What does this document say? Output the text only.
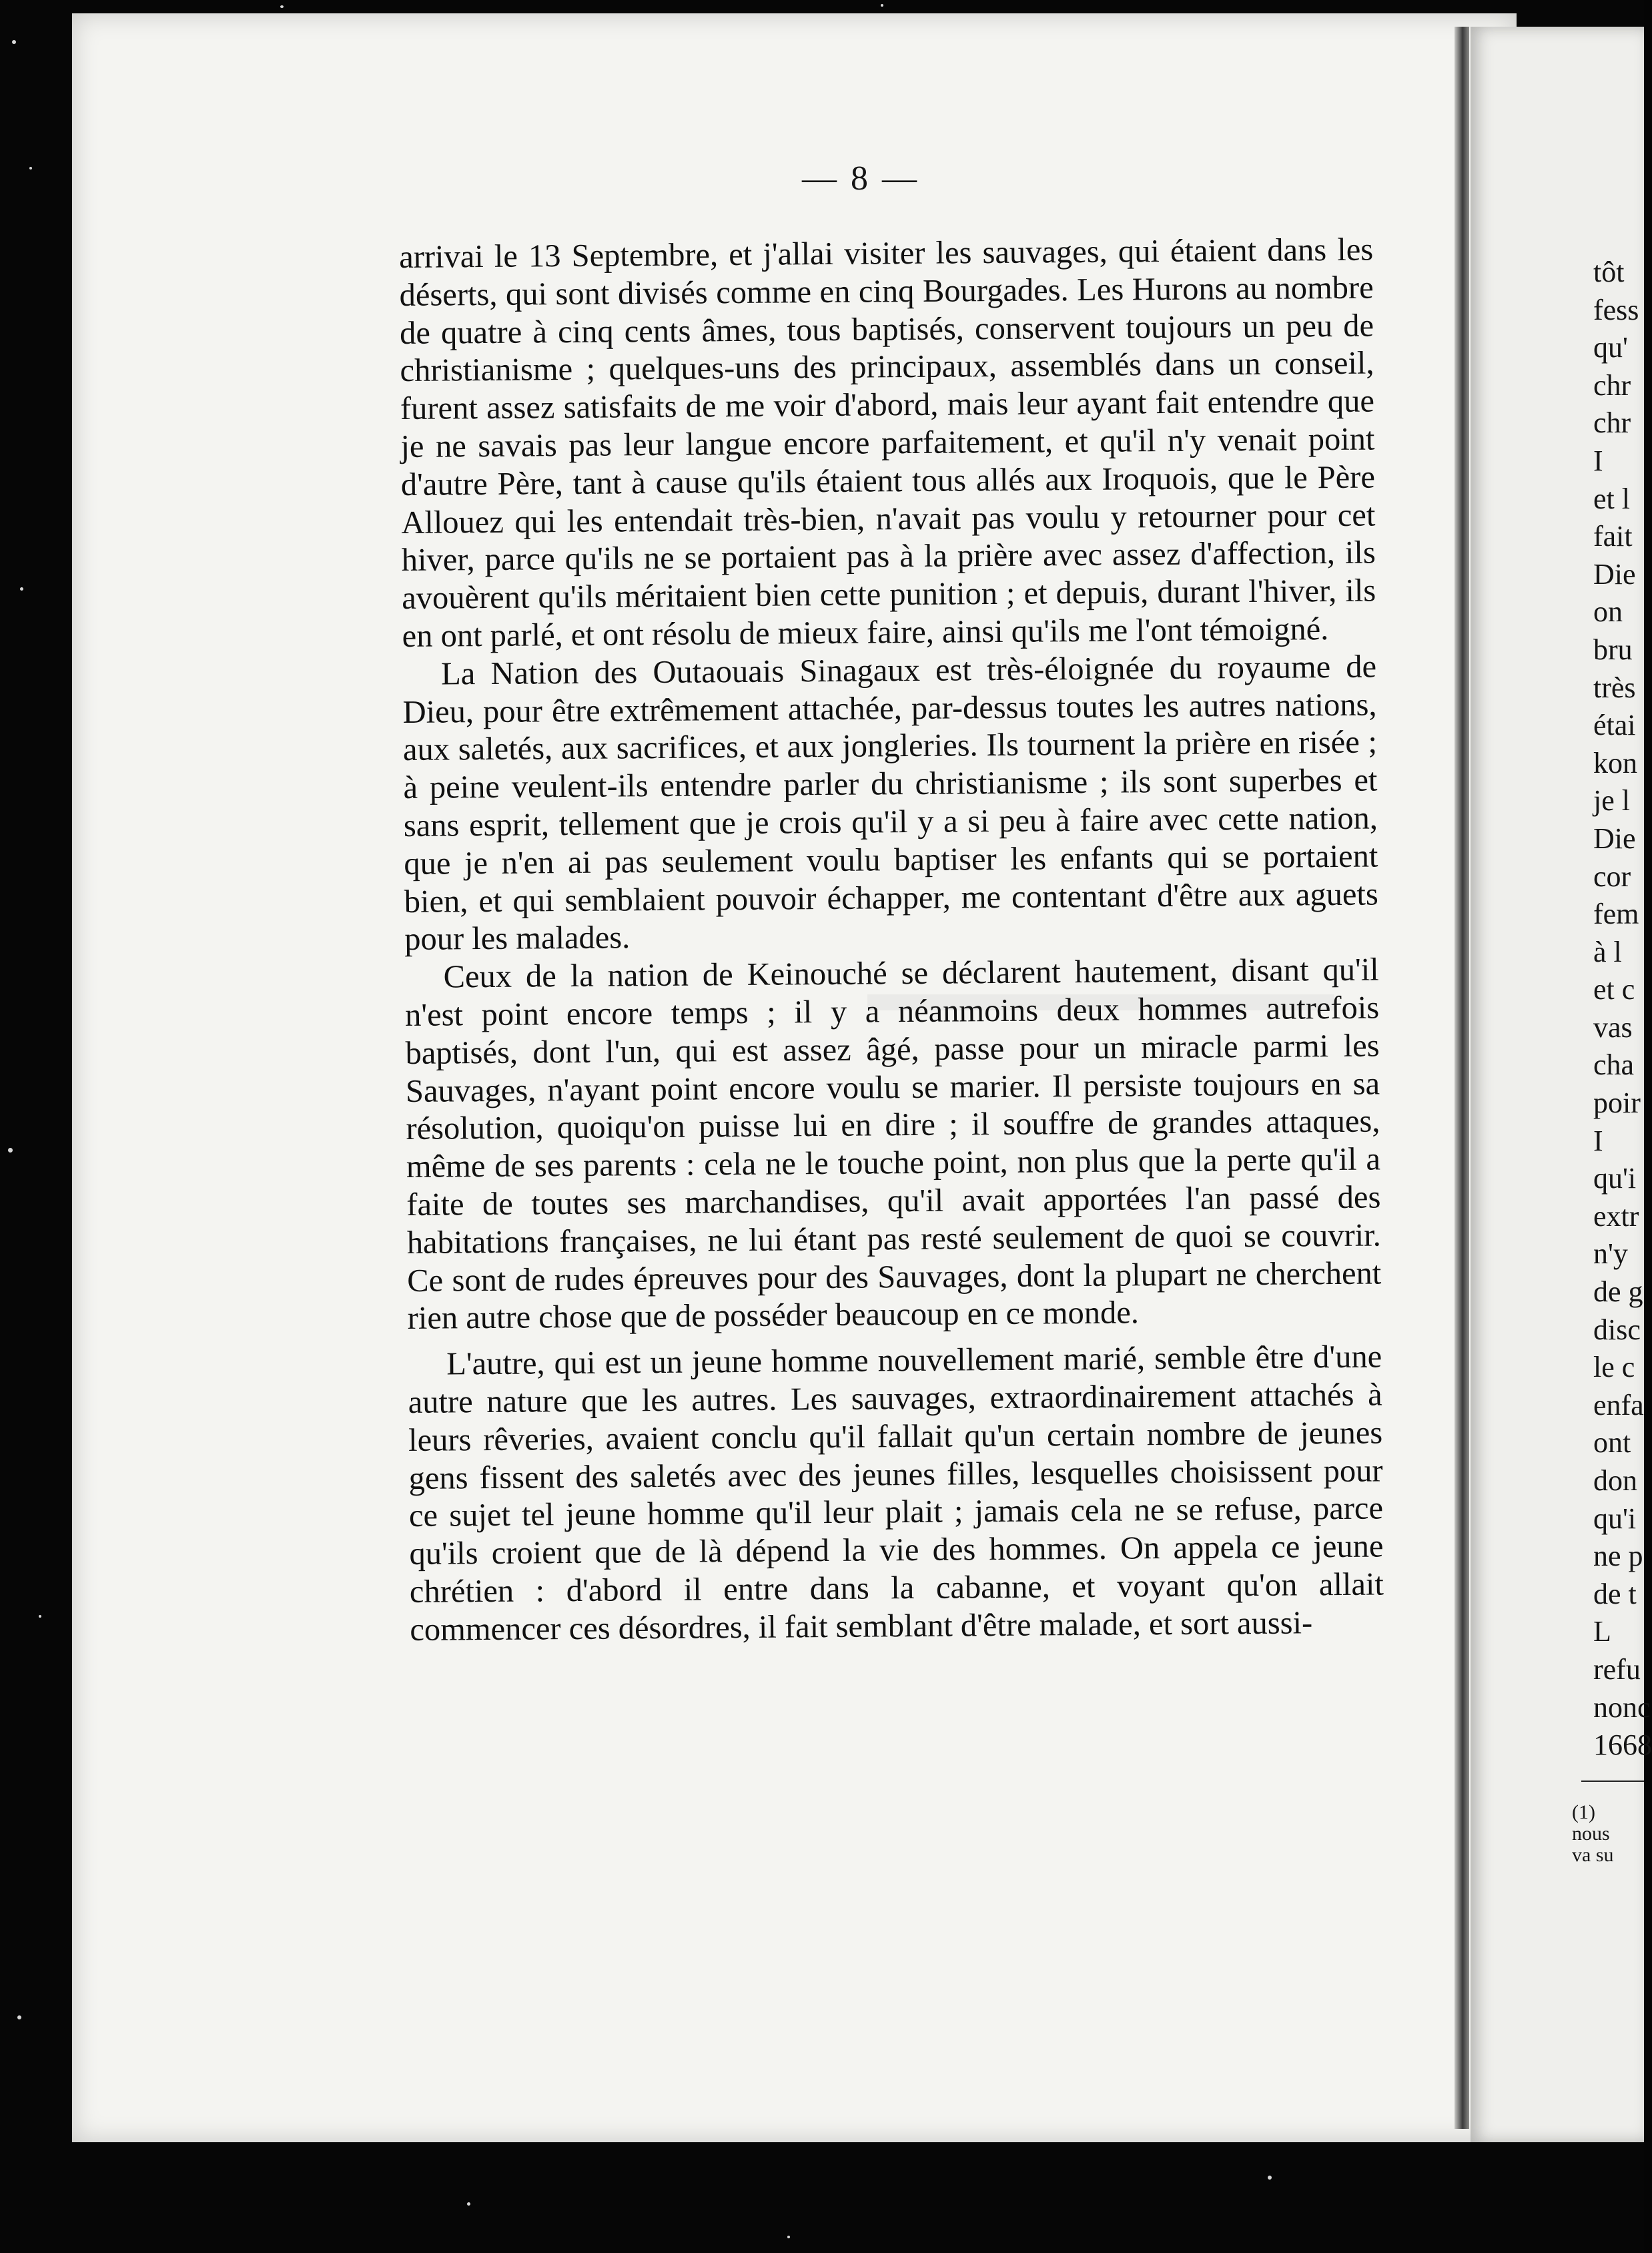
— 8 —

arrivai le 13 Septembre, et j'allai visiter les sauvages, qui étaient dans les déserts, qui sont divisés comme en cinq Bourgades. Les Hurons au nombre de quatre à cinq cents âmes, tous baptisés, conservent toujours un peu de christianisme ; quelques-uns des principaux, assemblés dans un conseil, furent assez satisfaits de me voir d'abord, mais leur ayant fait entendre que je ne savais pas leur langue encore parfaitement, et qu'il n'y venait point d'autre Père, tant à cause qu'ils étaient tous allés aux Iroquois, que le Père Allouez qui les entendait très-bien, n'avait pas voulu y retourner pour cet hiver, parce qu'ils ne se portaient pas à la prière avec assez d'affection, ils avouèrent qu'ils méritaient bien cette punition ; et depuis, durant l'hiver, ils en ont parlé, et ont résolu de mieux faire, ainsi qu'ils me l'ont témoigné.

La Nation des Outaouais Sinagaux est très-éloignée du royaume de Dieu, pour être extrêmement attachée, par-dessus toutes les autres nations, aux saletés, aux sacrifices, et aux jongleries. Ils tournent la prière en risée ; à peine veulent-ils entendre parler du christianisme ; ils sont superbes et sans esprit, tellement que je crois qu'il y a si peu à faire avec cette nation, que je n'en ai pas seulement voulu baptiser les enfants qui se portaient bien, et qui semblaient pouvoir échapper, me contentant d'être aux aguets pour les malades.

Ceux de la nation de Keinouché se déclarent hautement, disant qu'il n'est point encore temps ; il y a néanmoins deux hommes autrefois baptisés, dont l'un, qui est assez âgé, passe pour un miracle parmi les Sauvages, n'ayant point encore voulu se marier. Il persiste toujours en sa résolution, quoiqu'on puisse lui en dire ; il souffre de grandes attaques, même de ses parents : cela ne le touche point, non plus que la perte qu'il a faite de toutes ses marchandises, qu'il avait apportées l'an passé des habitations françaises, ne lui étant pas resté seulement de quoi se couvrir. Ce sont de rudes épreuves pour des Sauvages, dont la plupart ne cherchent rien autre chose que de posséder beaucoup en ce monde.

L'autre, qui est un jeune homme nouvellement marié, semble être d'une autre nature que les autres. Les sauvages, extraordinairement attachés à leurs rêveries, avaient conclu qu'il fallait qu'un certain nombre de jeunes gens fissent des saletés avec des jeunes filles, lesquelles choisissent pour ce sujet tel jeune homme qu'il leur plait ; jamais cela ne se refuse, parce qu'ils croient que de là dépend la vie des hommes. On appela ce jeune chrétien : d'abord il entre dans la cabanne, et voyant qu'on allait commencer ces désordres, il fait semblant d'être malade, et sort aussi-

tôt
fess
qu'
chr
chr
I
et l
fait
Die
on
bru
très
étai
kon
je l
Die
cor
fem
à l
et c
vas
cha
poir
I
qu'i
extr
n'y
de g
disc
le c
enfa
ont
don
qu'i
ne p
de t
L
refu
nonc
1668
(1)
nous
va su
